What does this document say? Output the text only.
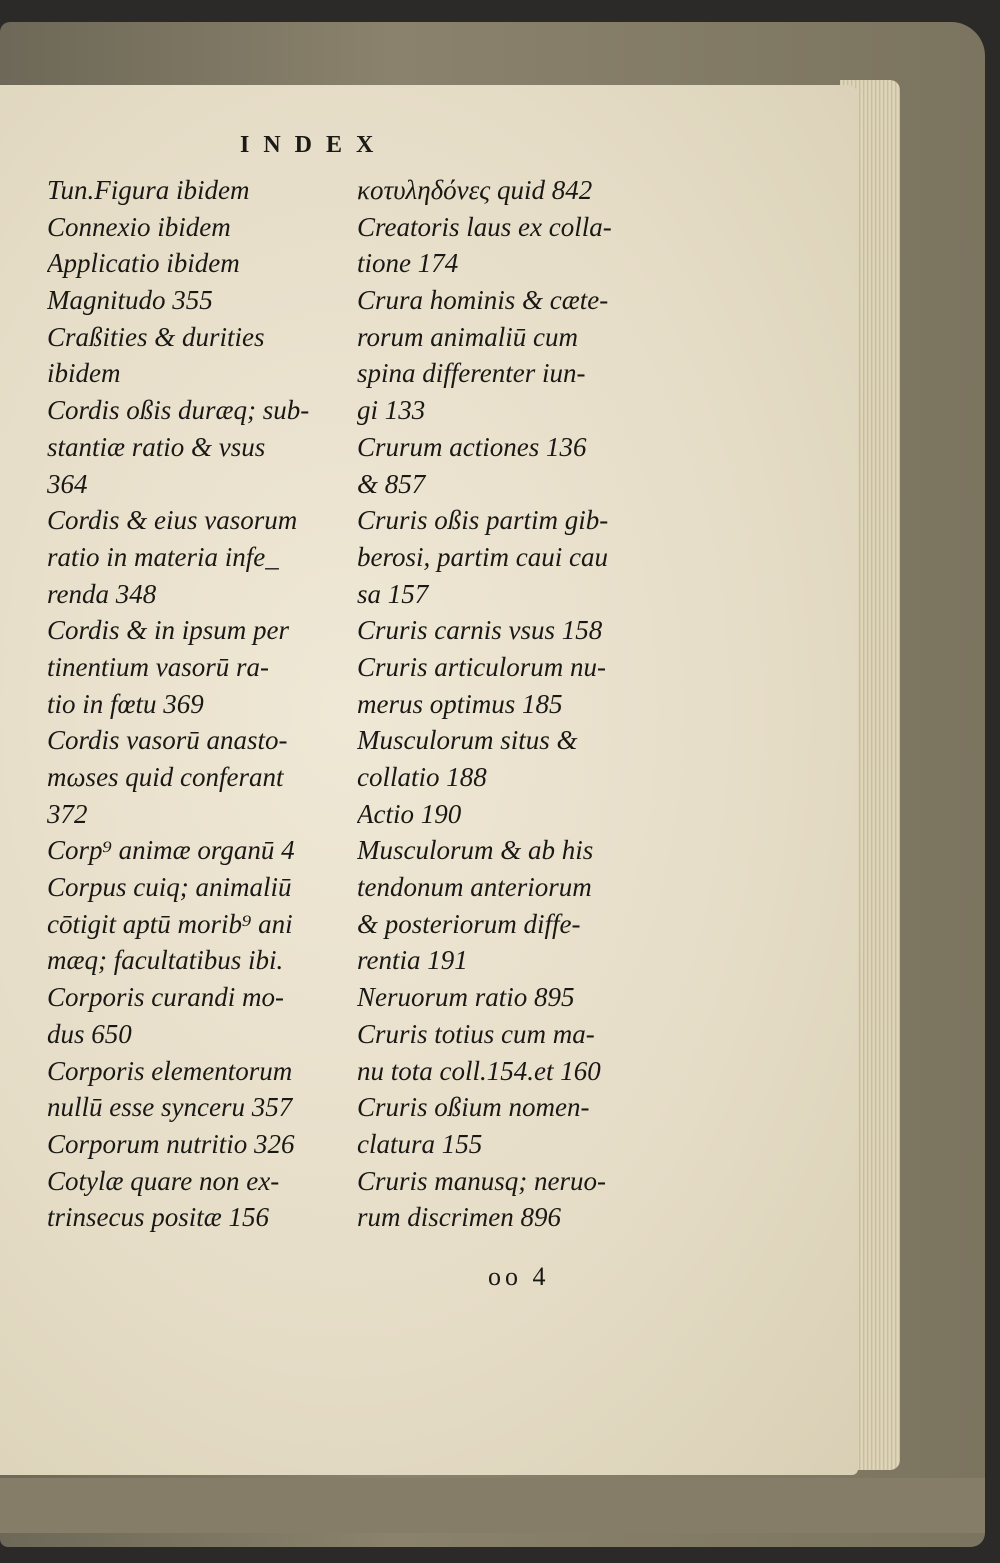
INDEX
Tun.Figura ibidem
Connexio ibidem
Applicatio ibidem
Magnitudo 355
Craßities & durities
ibidem
Cordis oßis duræq; sub-
stantiæ ratio & vsus
364
Cordis & eius vasorum
ratio in materia infe_
renda 348
Cordis & in ipsum per
tinentium vasorū ra-
tio in fœtu 369
Cordis vasorū anasto-
mωses quid conferant
372
Corp⁹ animæ organū 4
Corpus cuiq; animaliū
cōtigit aptū morib⁹ ani
mæq; facultatibus ibi.
Corporis curandi mo-
dus 650
Corporis elementorum
nullū esse synceru 357
Corporum nutritio 326
Cotylæ quare non ex-
trinsecus positæ 156
κοτυληδόνες quid 842
Creatoris laus ex colla-
tione 174
Crura hominis & cæte-
rorum animaliū cum
spina differenter iun-
gi 133
Crurum actiones 136
& 857
Cruris oßis partim gib-
berosi, partim caui cau
sa 157
Cruris carnis vsus 158
Cruris articulorum nu-
merus optimus 185
Musculorum situs &
collatio 188
Actio 190
Musculorum & ab his
tendonum anteriorum
& posteriorum diffe-
rentia 191
Neruorum ratio 895
Cruris totius cum ma-
nu tota coll.154.et 160
Cruris oßium nomen-
clatura 155
Cruris manusq; neruo-
rum discrimen 896
oo 4
